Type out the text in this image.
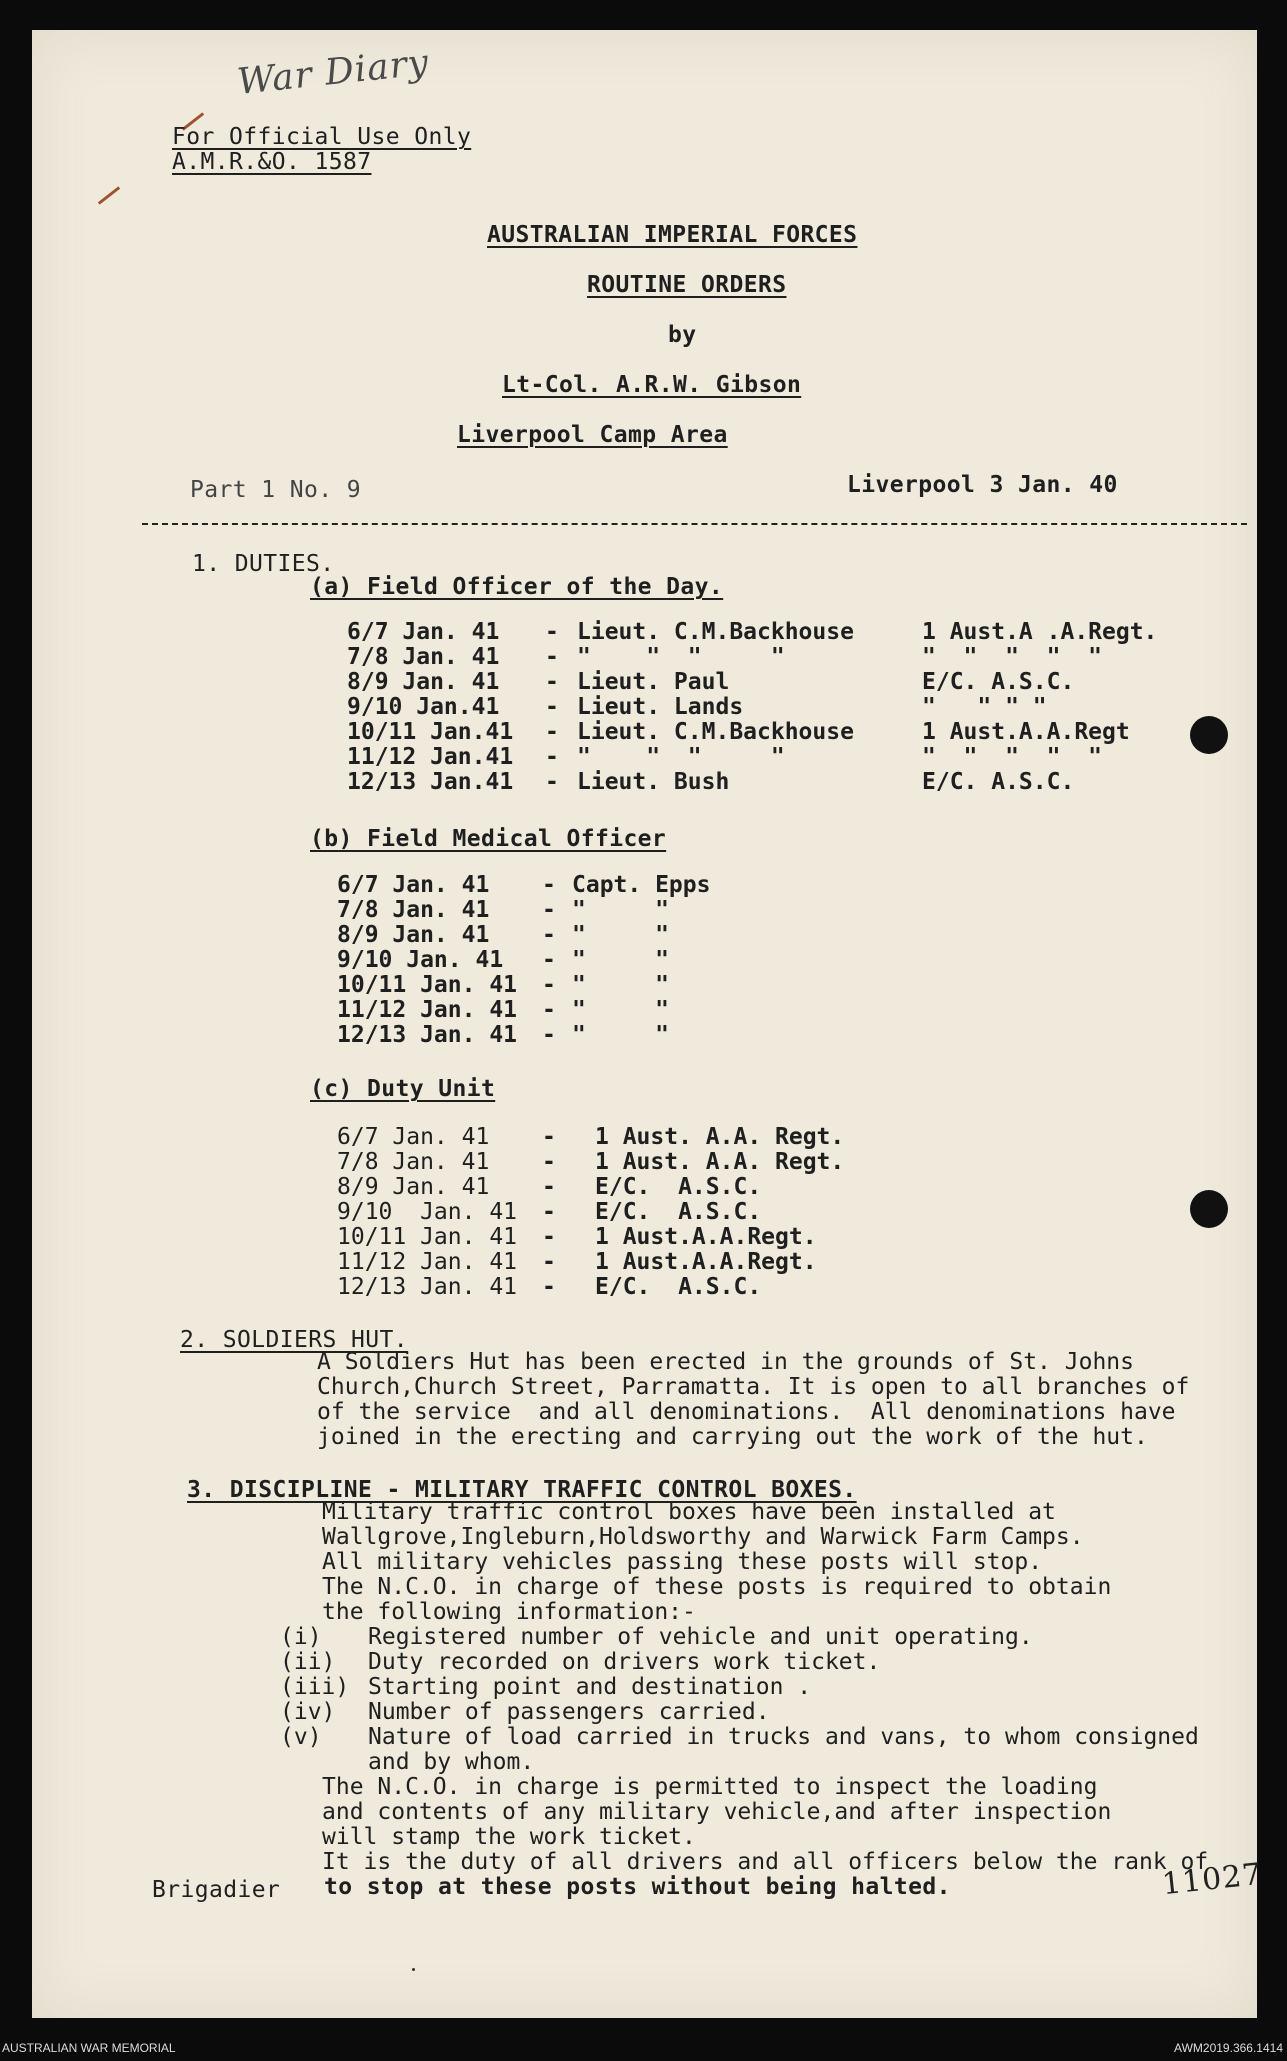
War Diary
For Official Use Only
A.M.R.&O. 1587
AUSTRALIAN IMPERIAL FORCES
ROUTINE ORDERS
by
Lt-Col. A.R.W. Gibson
Liverpool Camp Area
Part 1 No. 9	Liverpool 3 Jan. 40
1. DUTIES.
(a) Field Officer of the Day.
6/7 Jan. 41 - Lieut. C.M.Backhouse	1 Aust.A .A.Regt.
7/8 Jan. 41 - "    "  "     "	"  "  "  "  "
8/9 Jan. 41 - Lieut. Paul	E/C. A.S.C.
9/10 Jan.41 - Lieut. Lands	"   " " "
10/11 Jan.41 - Lieut. C.M.Backhouse	1 Aust.A.A.Regt
11/12 Jan.41 - "    "  "     "	"  "  "  "  "
12/13 Jan.41 - Lieut. Bush	E/C. A.S.C.
(b) Field Medical Officer
6/7 Jan. 41 - Capt. Epps
7/8 Jan. 41 - "     "
8/9 Jan. 41 - "     "
9/10 Jan. 41 - "     "
10/11 Jan. 41 - "     "
11/12 Jan. 41 - "     "
12/13 Jan. 41 - "     "
(c) Duty Unit
6/7 Jan. 41 - 1 Aust. A.A. Regt.
7/8 Jan. 41 - 1 Aust. A.A. Regt.
8/9 Jan. 41 - E/C.  A.S.C.
9/10  Jan. 41 - E/C.  A.S.C.
10/11 Jan. 41 - 1 Aust.A.A.Regt.
11/12 Jan. 41 - 1 Aust.A.A.Regt.
12/13 Jan. 41 - E/C.  A.S.C.
2. SOLDIERS HUT.
A Soldiers Hut has been erected in the grounds of St. Johns
Church,Church Street, Parramatta. It is open to all branches of
of the service  and all denominations.  All denominations have
joined in the erecting and carrying out the work of the hut.
3. DISCIPLINE - MILITARY TRAFFIC CONTROL BOXES.
Military traffic control boxes have been installed at
Wallgrove,Ingleburn,Holdsworthy and Warwick Farm Camps.
All military vehicles passing these posts will stop.
The N.C.O. in charge of these posts is required to obtain
the following information:-
(i) Registered number of vehicle and unit operating.
(ii) Duty recorded on drivers work ticket.
(iii) Starting point and destination .
(iv) Number of passengers carried.
(v) Nature of load carried in trucks and vans, to whom consigned
and by whom.
The N.C.O. in charge is permitted to inspect the loading
and contents of any military vehicle,and after inspection
will stamp the work ticket.
It is the duty of all drivers and all officers below the rank of
Brigadier to stop at these posts without being halted.	11027
AUSTRALIAN WAR MEMORIAL	AWM2019.366.1414
